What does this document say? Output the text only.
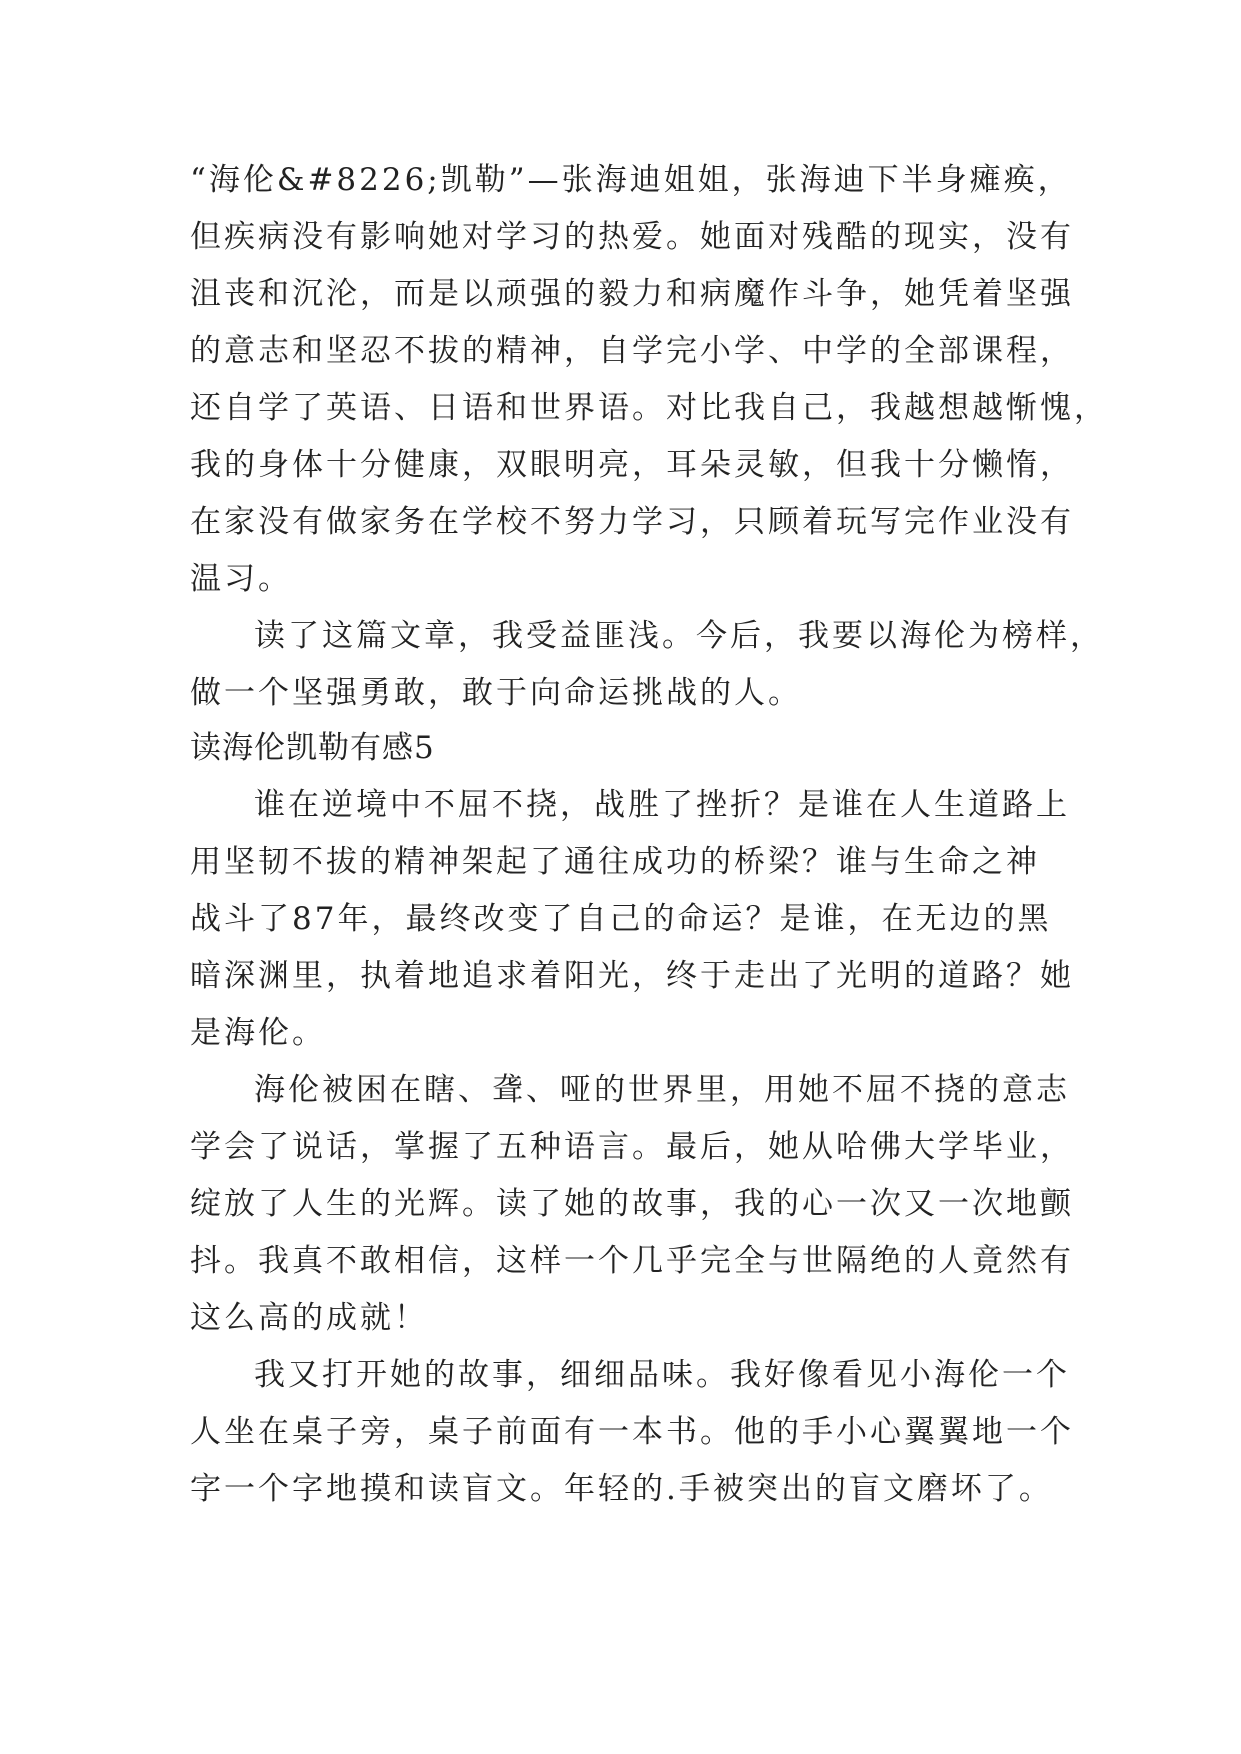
“海伦&#8226;凯勒”—张海迪姐姐，张海迪下半身瘫痪，
但疾病没有影响她对学习的热爱。她面对残酷的现实，没有
沮丧和沉沦，而是以顽强的毅力和病魔作斗争，她凭着坚强
的意志和坚忍不拔的精神，自学完小学、中学的全部课程，
还自学了英语、日语和世界语。对比我自己，我越想越惭愧，
我的身体十分健康，双眼明亮，耳朵灵敏，但我十分懒惰，
在家没有做家务在学校不努力学习，只顾着玩写完作业没有
温习。
读了这篇文章，我受益匪浅。今后，我要以海伦为榜样，
做一个坚强勇敢，敢于向命运挑战的人。
读海伦凯勒有感5
谁在逆境中不屈不挠，战胜了挫折？是谁在人生道路上
用坚韧不拔的精神架起了通往成功的桥梁？谁与生命之神
战斗了87年，最终改变了自己的命运？是谁，在无边的黑
暗深渊里，执着地追求着阳光，终于走出了光明的道路？她
是海伦。
海伦被困在瞎、聋、哑的世界里，用她不屈不挠的意志
学会了说话，掌握了五种语言。最后，她从哈佛大学毕业，
绽放了人生的光辉。读了她的故事，我的心一次又一次地颤
抖。我真不敢相信，这样一个几乎完全与世隔绝的人竟然有
这么高的成就！
我又打开她的故事，细细品味。我好像看见小海伦一个
人坐在桌子旁，桌子前面有一本书。他的手小心翼翼地一个
字一个字地摸和读盲文。年轻的.手被突出的盲文磨坏了。
